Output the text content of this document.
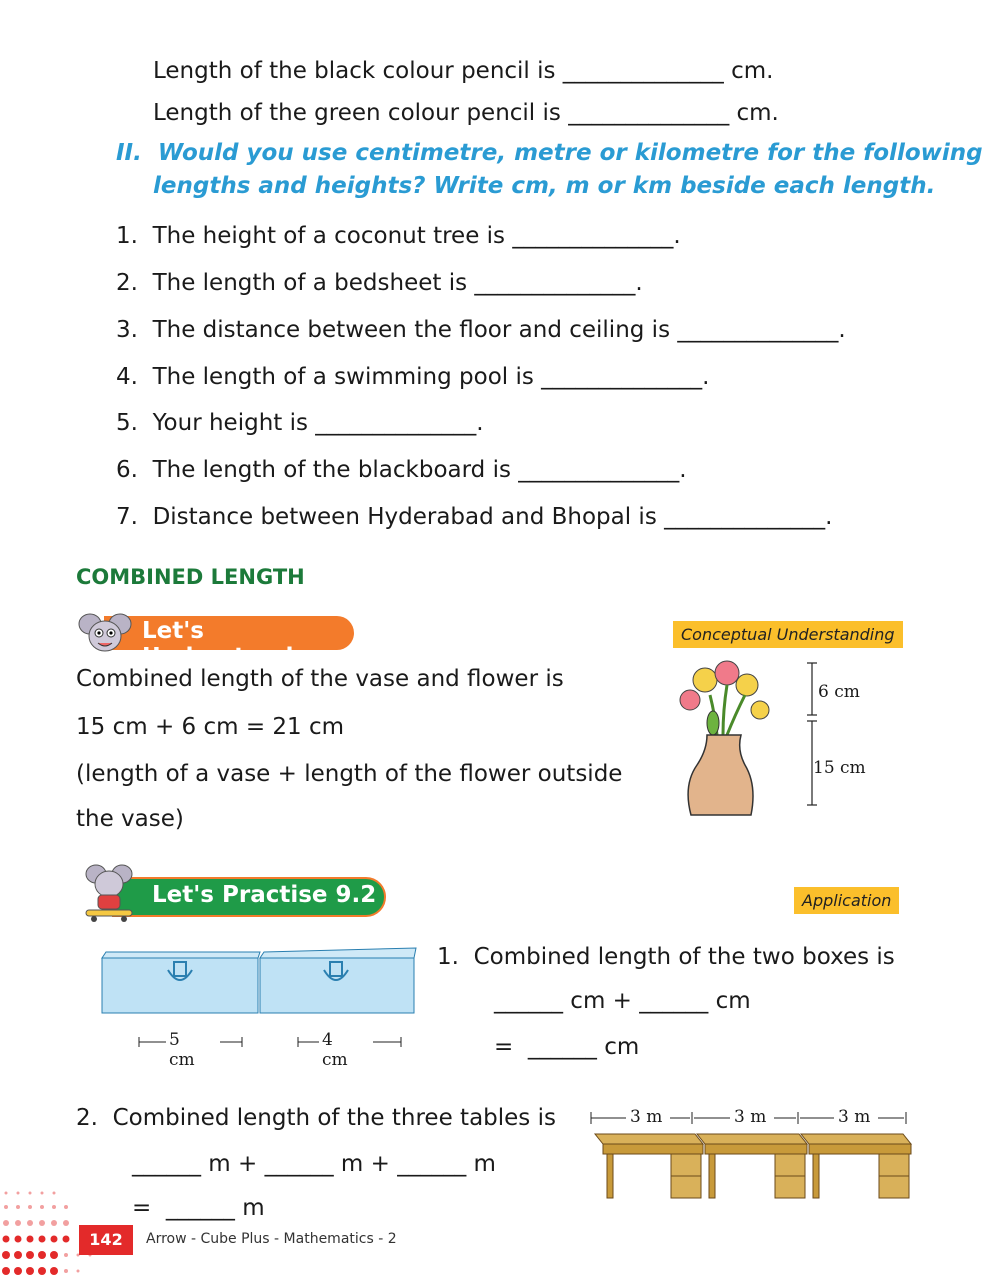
Length of the black colour pencil is ______________ cm.
Length of the green colour pencil is ______________ cm.
II.  Would you use centimetre, metre or kilometre for the following
lengths and heights? Write cm, m or km beside each length.
1.  The height of a coconut tree is ______________.
2.  The length of a bedsheet is ______________.
3.  The distance between the floor and ceiling is ______________.
4.  The length of a swimming pool is ______________.
5.  Your height is ______________.
6.  The length of the blackboard is ______________.
7.  Distance between Hyderabad and Bhopal is ______________.
COMBINED LENGTH
Let's Understand
Conceptual Understanding
Combined length of the vase and flower is
15 cm + 6 cm = 21 cm
(length of a vase + length of the flower outside
the vase)
6 cm
15 cm
Let's Practise 9.2	Application
5 cm
4 cm
1.  Combined length of the two boxes is
______ cm + ______ cm
=  ______ cm
2.  Combined length of the three tables is
______ m + ______ m + ______ m
=  ______ m
3 m	3 m	3 m
142	Arrow - Cube Plus - Mathematics - 2
